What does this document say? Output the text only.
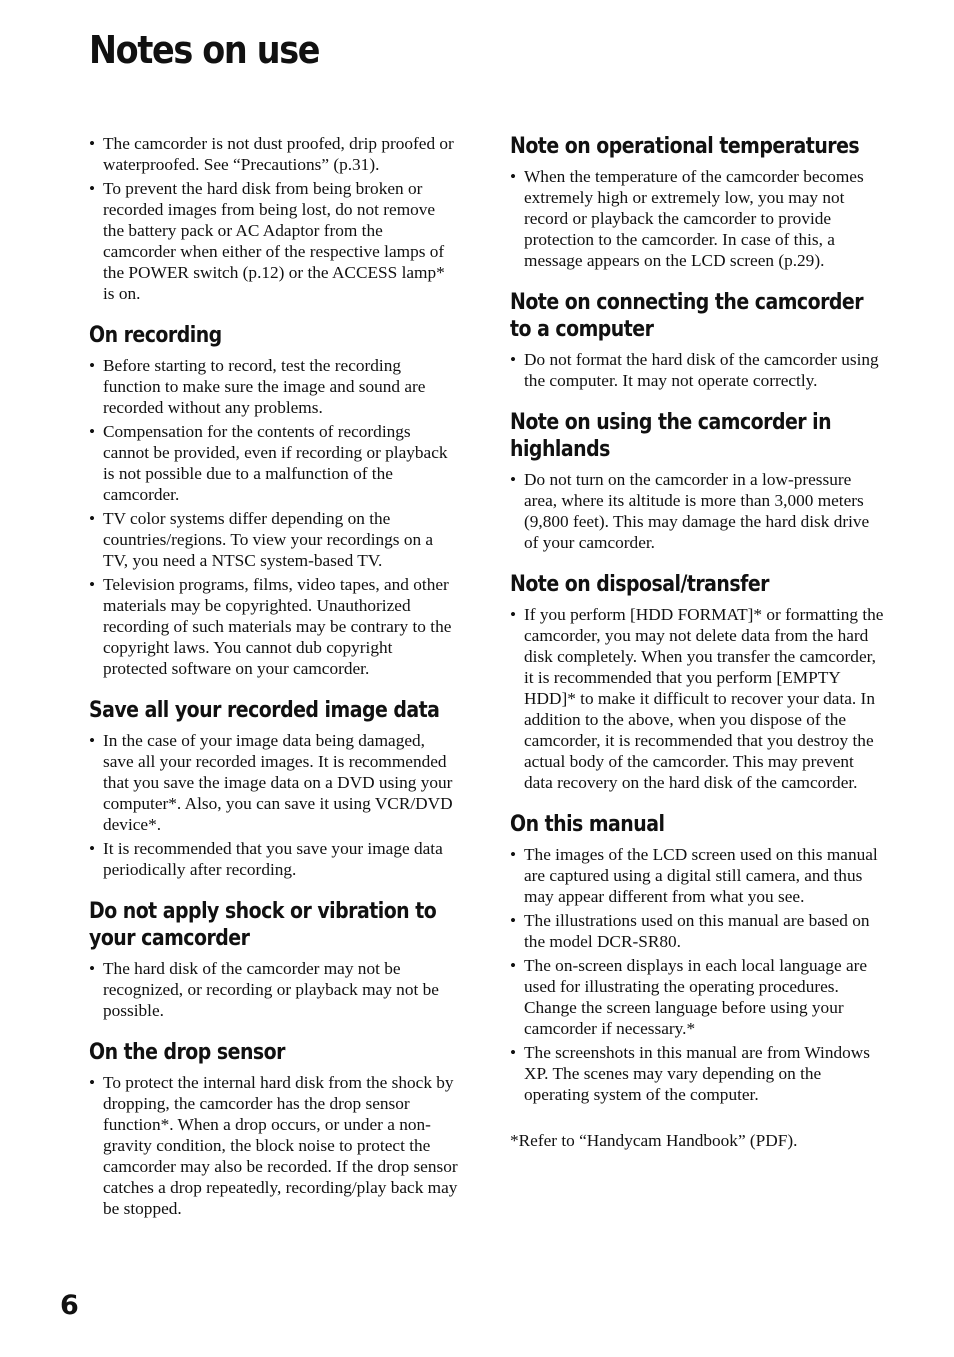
Notes on use
• The camcorder is not dust proofed, drip proofed or waterproofed. See “Precautions” (p.31).
• To prevent the hard disk from being broken or recorded images from being lost, do not remove the battery pack or AC Adaptor from the camcorder when either of the respective lamps of the POWER switch (p.12) or the ACCESS lamp* is on.
On recording
• Before starting to record, test the recording function to make sure the image and sound are recorded without any problems.
• Compensation for the contents of recordings cannot be provided, even if recording or playback is not possible due to a malfunction of the camcorder.
• TV color systems differ depending on the countries/regions. To view your recordings on a TV, you need a NTSC system-based TV.
• Television programs, films, video tapes, and other materials may be copyrighted. Unauthorized recording of such materials may be contrary to the copyright laws. You cannot dub copyright protected software on your camcorder.
Save all your recorded image data
• In the case of your image data being damaged, save all your recorded images. It is recommended that you save the image data on a DVD using your computer*. Also, you can save it using VCR/DVD device*.
• It is recommended that you save your image data periodically after recording.
Do not apply shock or vibration to your camcorder
• The hard disk of the camcorder may not be recognized, or recording or playback may not be possible.
On the drop sensor
• To protect the internal hard disk from the shock by dropping, the camcorder has the drop sensor function*. When a drop occurs, or under a non-gravity condition, the block noise to protect the camcorder may also be recorded. If the drop sensor catches a drop repeatedly, recording/play back may be stopped.
Note on operational temperatures
• When the temperature of the camcorder becomes extremely high or extremely low, you may not record or playback the camcorder to provide protection to the camcorder. In case of this, a message appears on the LCD screen (p.29).
Note on connecting the camcorder to a computer
• Do not format the hard disk of the camcorder using the computer. It may not operate correctly.
Note on using the camcorder in highlands
• Do not turn on the camcorder in a low-pressure area, where its altitude is more than 3,000 meters (9,800 feet). This may damage the hard disk drive of your camcorder.
Note on disposal/transfer
• If you perform [HDD FORMAT]* or formatting the camcorder, you may not delete data from the hard disk completely. When you transfer the camcorder, it is recommended that you perform [EMPTY HDD]* to make it difficult to recover your data. In addition to the above, when you dispose of the camcorder, it is recommended that you destroy the actual body of the camcorder. This may prevent data recovery on the hard disk of the camcorder.
On this manual
• The images of the LCD screen used on this manual are captured using a digital still camera, and thus may appear different from what you see.
• The illustrations used on this manual are based on the model DCR-SR80.
• The on-screen displays in each local language are used for illustrating the operating procedures. Change the screen language before using your camcorder if necessary.*
• The screenshots in this manual are from Windows XP. The scenes may vary depending on the operating system of the computer.
*Refer to “Handycam Handbook” (PDF).
6
